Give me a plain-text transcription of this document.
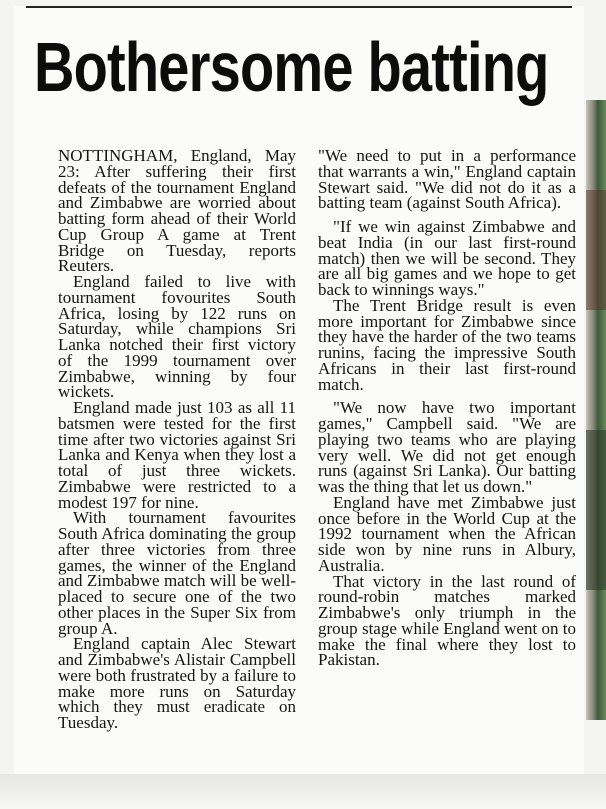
Bothersome batting

NOTTINGHAM, England, May 23: After suffering their first defeats of the tournament England and Zimbabwe are worried about batting form ahead of their World Cup Group A game at Trent Bridge on Tuesday, reports Reuters.

England failed to live with tournament fovourites South Africa, losing by 122 runs on Saturday, while champions Sri Lanka notched their first victory of the 1999 tournament over Zimbabwe, winning by four wickets.

England made just 103 as all 11 batsmen were tested for the first time after two victories against Sri Lanka and Kenya when they lost a total of just three wickets. Zimbabwe were restricted to a modest 197 for nine.

With tournament favourites South Africa dominating the group after three victories from three games, the winner of the England and Zimbabwe match will be well-placed to secure one of the two other places in the Super Six from group A.

England captain Alec Stewart and Zimbabwe's Alistair Campbell were both frustrated by a failure to make more runs on Saturday which they must eradicate on Tuesday.

"We need to put in a performance that warrants a win," England captain Stewart said. "We did not do it as a batting team (against South Africa).

"If we win against Zimbabwe and beat India (in our last first-round match) then we will be second. They are all big games and we hope to get back to winnings ways."

The Trent Bridge result is even more important for Zimbabwe since they have the harder of the two teams runins, facing the impressive South Africans in their last first-round match.

"We now have two important games," Campbell said. "We are playing two teams who are playing very well. We did not get enough runs (against Sri Lanka). Our batting was the thing that let us down."

England have met Zimbabwe just once before in the World Cup at the 1992 tournament when the African side won by nine runs in Albury, Australia.

That victory in the last round of round-robin matches marked Zimbabwe's only triumph in the group stage while England went on to make the final where they lost to Pakistan.
